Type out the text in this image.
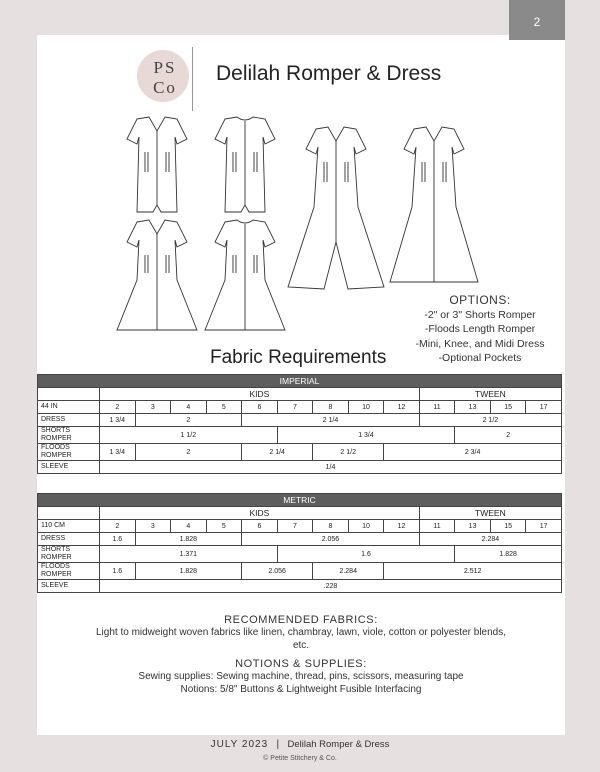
2
PS
Co
Delilah Romper & Dress
OPTIONS:
-2" or 3" Shorts Romper
-Floods Length Romper
-Mini, Knee, and Midi Dress
-Optional Pockets
Fabric Requirements
IMPERIAL													
	KIDS									TWEEN			
44 IN	2	3	4	5	6	7	8	10	12	11	13	15	17
DRESS	1 3/4	2			2 1/4					2 1/2			
SHORTS ROMPER	1 1/2					1 3/4					2		
FLOODS ROMPER	1 3/4	2			2 1/4		2 1/2		2 3/4				
SLEEVE	1/4												
METRIC													
	KIDS									TWEEN			
110 CM	2	3	4	5	6	7	8	10	12	11	13	15	17
DRESS	1.6	1.828			2.056					2.284			
SHORTS ROMPER	1.371					1.6					1.828		
FLOODS ROMPER	1.6	1.828			2.056		2.284		2.512				
SLEEVE	.228												
RECOMMENDED FABRICS:
Light to midweight woven fabrics like linen, chambray, lawn, viole, cotton or polyester blends,
etc.
NOTIONS & SUPPLIES:
Sewing supplies: Sewing machine, thread, pins, scissors, measuring tape
Notions: 5/8" Buttons & Lightweight Fusible Interfacing
JULY 2023 | Delilah Romper & Dress
© Petite Stitchery & Co.
